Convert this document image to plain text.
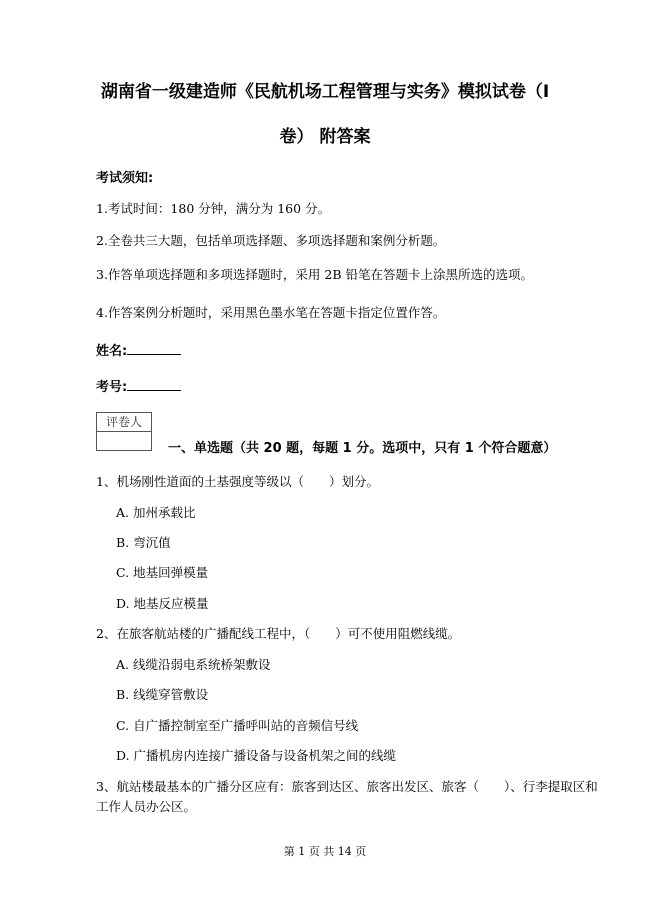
湖南省一级建造师《民航机场工程管理与实务》模拟试卷（I
卷） 附答案
考试须知:
1.考试时间：180 分钟，满分为 160 分。
2.全卷共三大题，包括单项选择题、多项选择题和案例分析题。
3.作答单项选择题和多项选择题时，采用 2B 铅笔在答题卡上涂黑所选的选项。
4.作答案例分析题时，采用黑色墨水笔在答题卡指定位置作答。
姓名:
考号:
评卷人
一、单选题（共 20 题，每题 1 分。选项中，只有 1 个符合题意）
1、机场刚性道面的土基强度等级以（　　）划分。
A. 加州承载比
B. 弯沉值
C. 地基回弹模量
D. 地基反应模量
2、在旅客航站楼的广播配线工程中，（　　）可不使用阻燃线缆。
A. 线缆沿弱电系统桥架敷设
B. 线缆穿管敷设
C. 自广播控制室至广播呼叫站的音频信号线
D. 广播机房内连接广播设备与设备机架之间的线缆
3、航站楼最基本的广播分区应有：旅客到达区、旅客出发区、旅客（　　）、行李提取区和
工作人员办公区。
第 1 页 共 14 页
